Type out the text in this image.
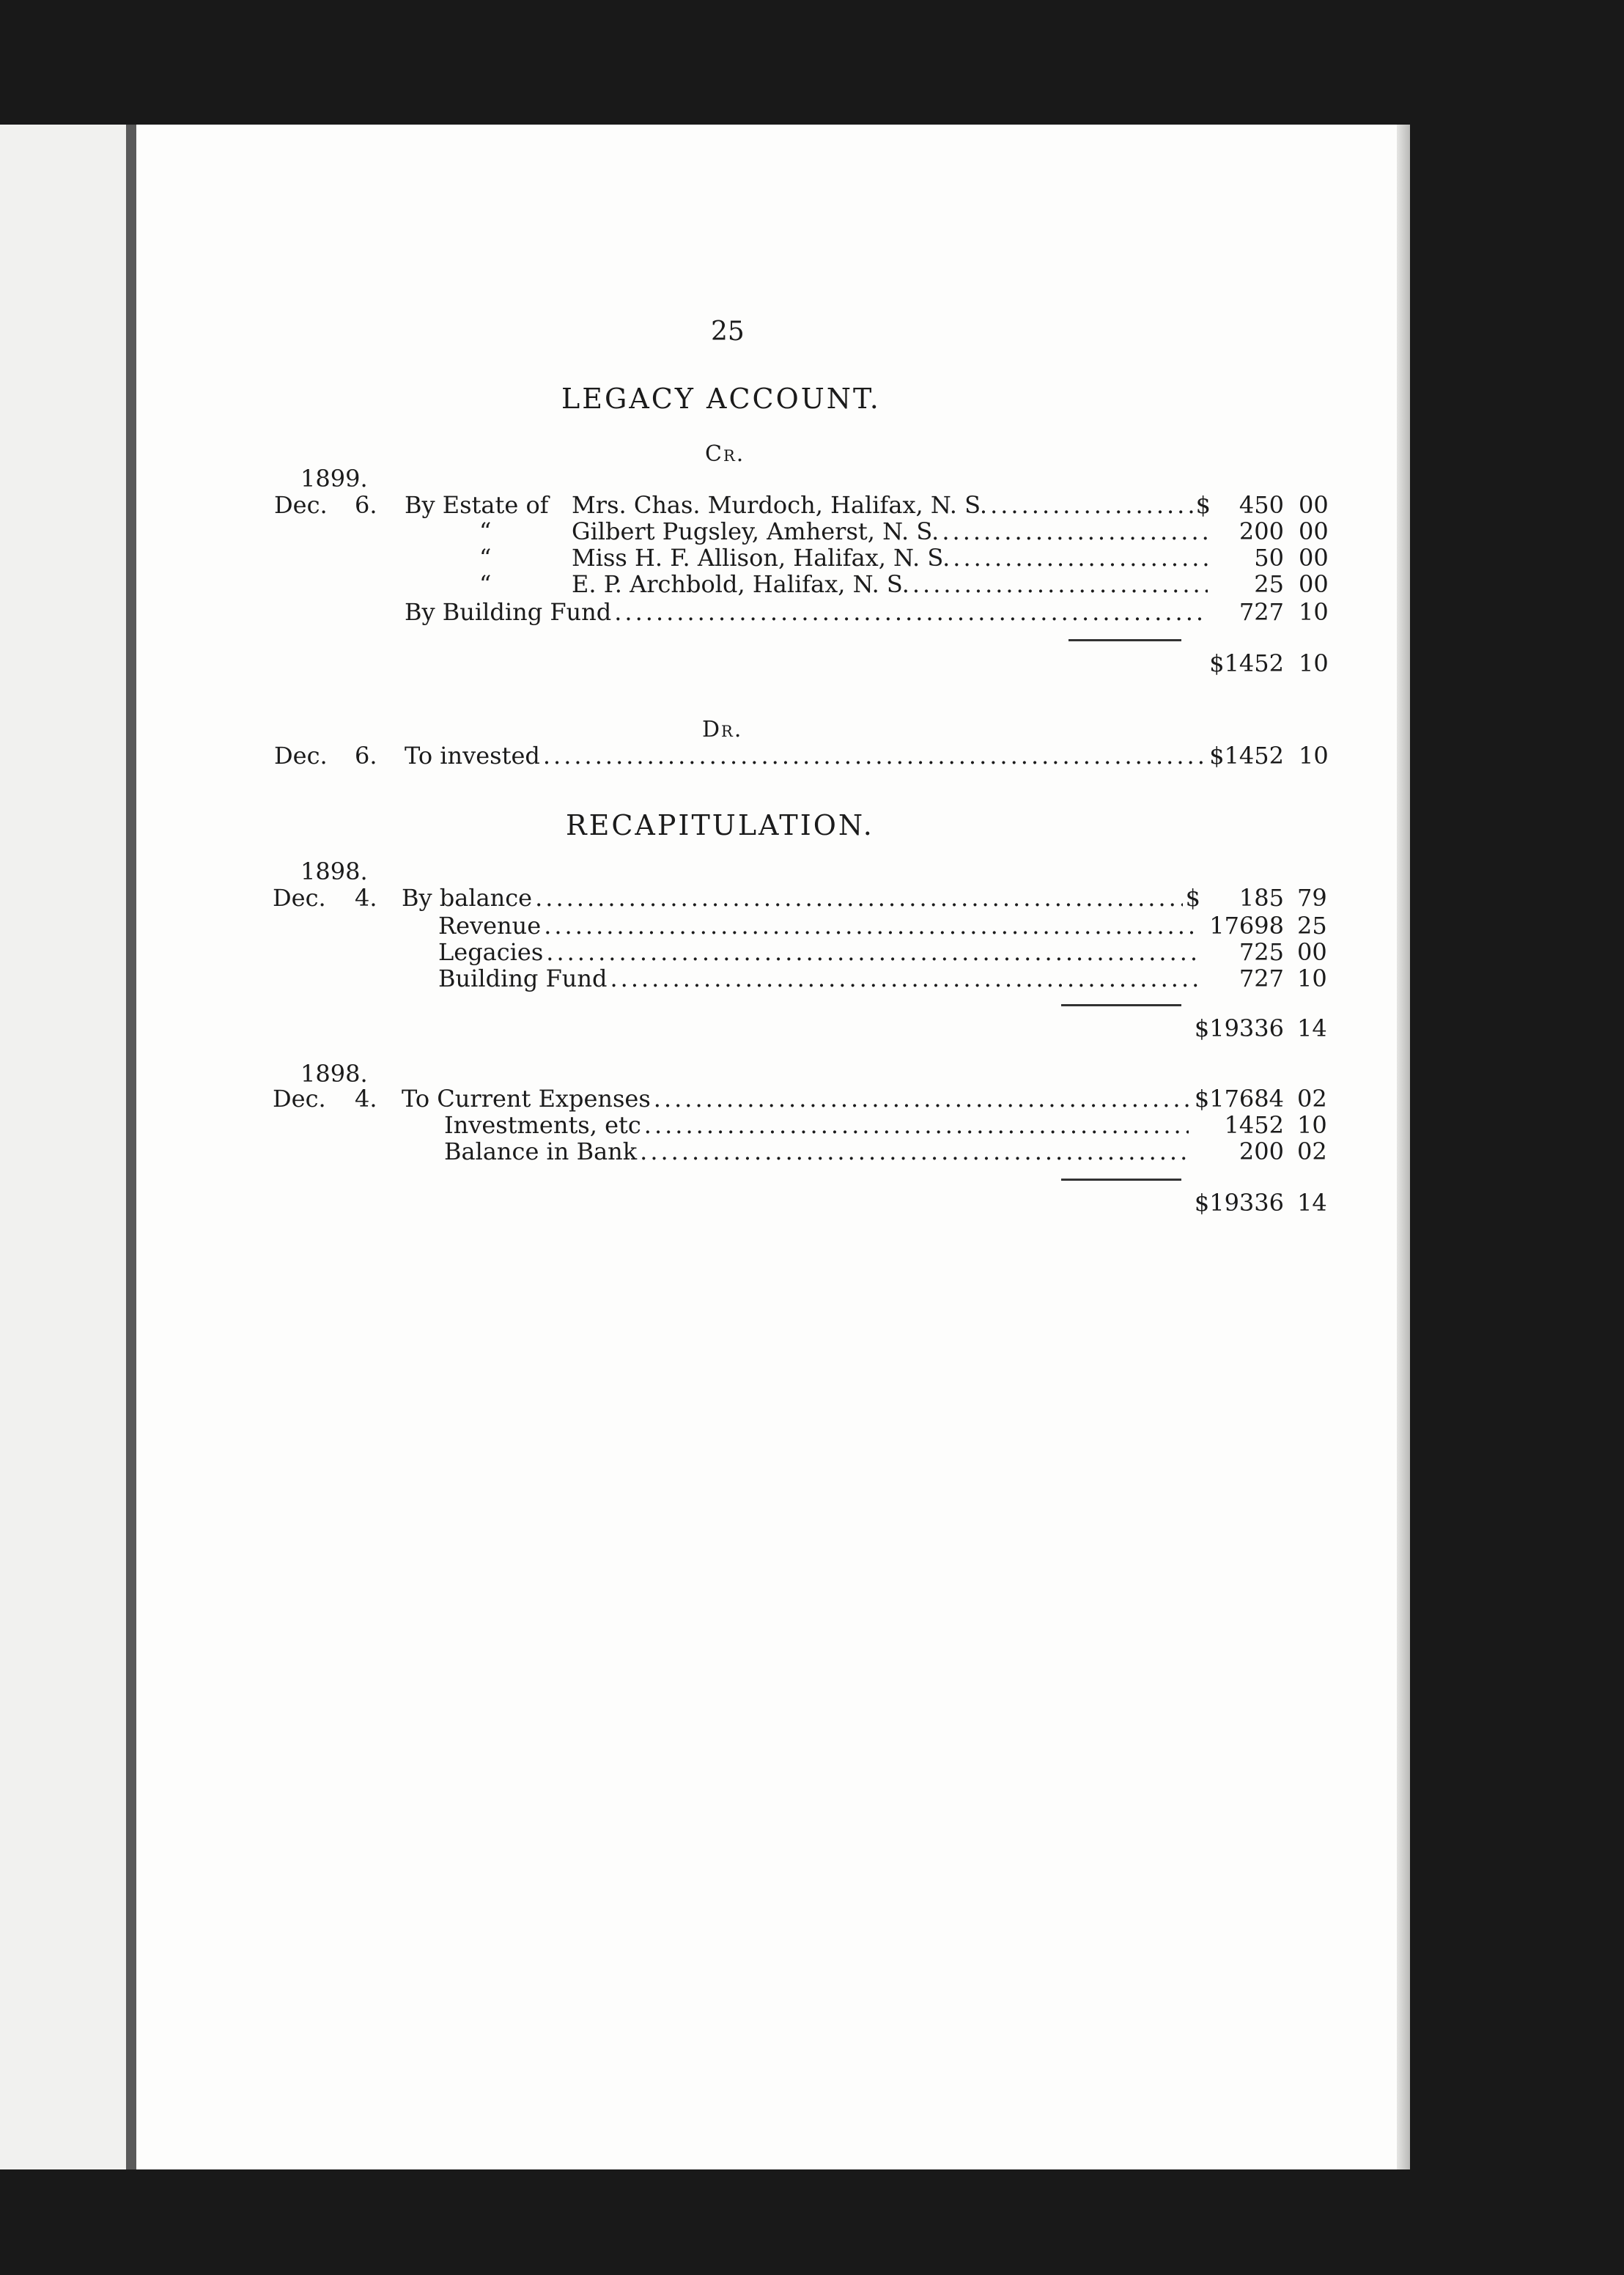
25
LEGACY ACCOUNT.
Cr.
1899.
Dec. 6. By Estate of Mrs. Chas. Murdoch, Halifax, N. S. .....	$	450 00
“	Gilbert Pugsley, Amherst, N. S. .....	200 00
“	Miss H. F. Allison, Halifax, N. S. .....	50 00
“	E. P. Archbold, Halifax, N. S. .....	25 00
By Building Fund .....	727 10
$1452 10
Dr.
Dec. 6. To invested .....	$1452 10
RECAPITULATION.
1898.
Dec. 4. By balance .....	$	185 79
Revenue .....	17698 25
Legacies .....	725 00
Building Fund .....	727 10
$19336 14
1898.
Dec. 4. To Current Expenses .....	$17684 02
Investments, etc .....	1452 10
Balance in Bank .....	200 02
$19336 14
